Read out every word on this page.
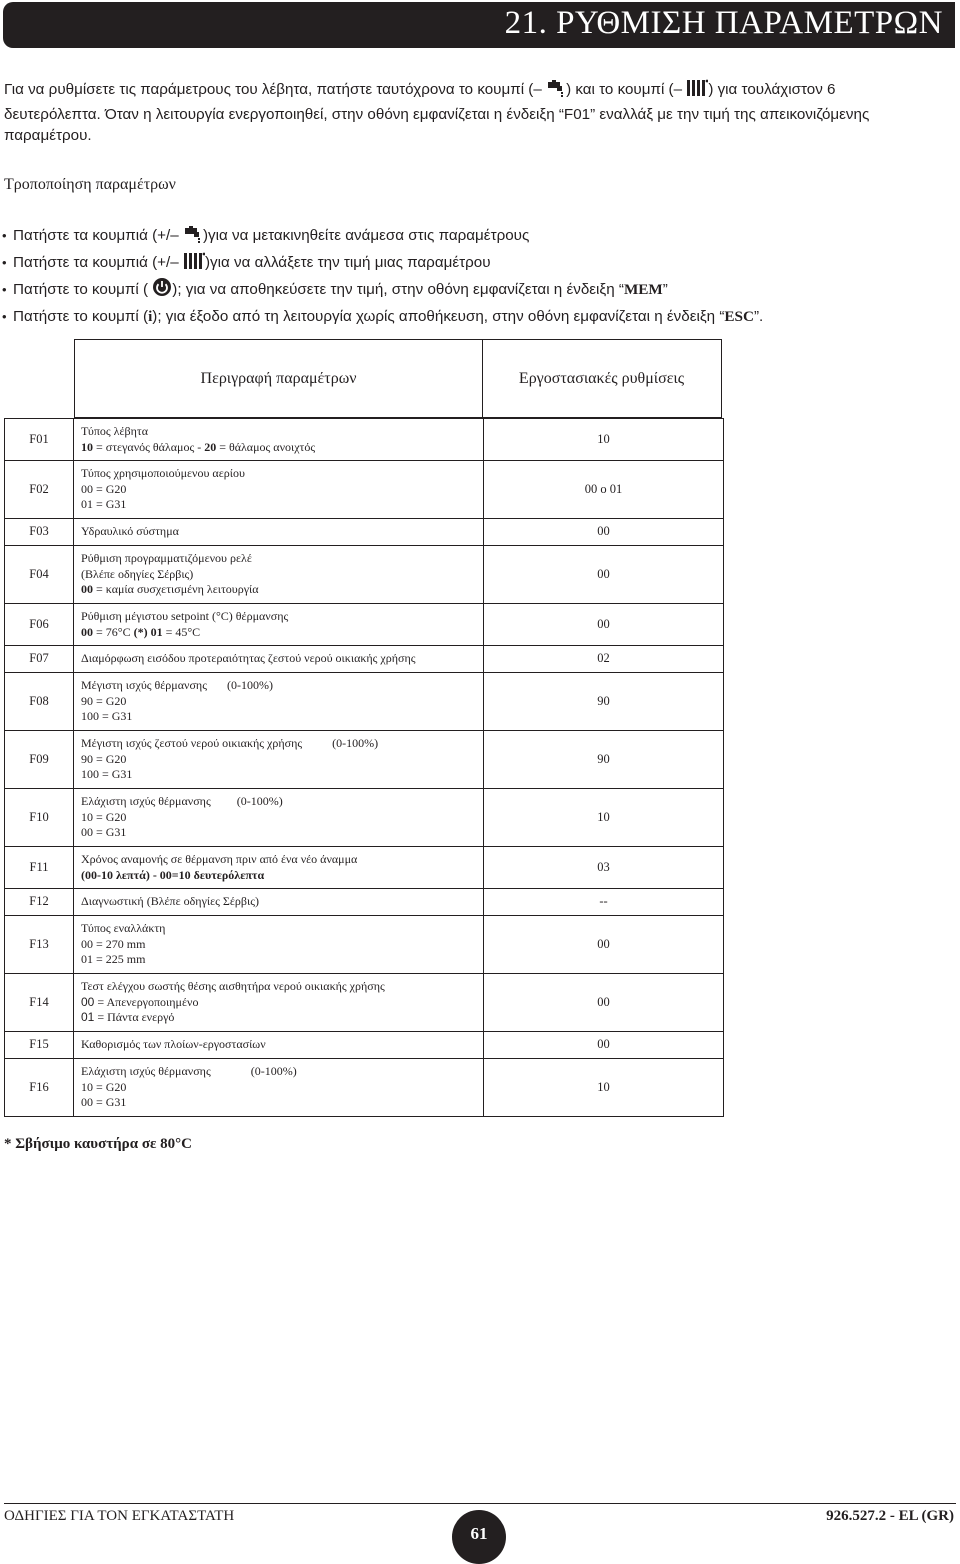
21. ΡΥΘΜΙΣΗ ΠΑΡΑΜΕΤΡΩΝ
Για να ρυθμίσετε τις παράμετρους του λέβητα, πατήστε ταυτόχρονα το κουμπί (– ) και το κουμπί (– ) για τουλάχιστον 6
δευτερόλεπτα. Όταν η λειτουργία ενεργοποιηθεί, στην οθόνη εμφανίζεται η ένδειξη “F01” εναλλάξ με την τιμή της απεικονιζόμενης
παραμέτρου.
Τροποποίηση παραμέτρων
• Πατήστε τα κουμπιά (+/– )για να μετακινηθείτε ανάμεσα στις παραμέτρους
• Πατήστε τα κουμπιά (+/– )για να αλλάξετε την τιμή μιας παραμέτρου
• Πατήστε το κουμπί ( ); για να αποθηκεύσετε την τιμή, στην οθόνη εμφανίζεται η ένδειξη “MEM”
• Πατήστε το κουμπί (i); για έξοδο από τη λειτουργία χωρίς αποθήκευση, στην οθόνη εμφανίζεται η ένδειξη “ESC”.
Περιγραφή παραμέτρων	Εργοστασιακές ρυθμίσεις
F01	Τύπος λέβητα
10 = στεγανός θάλαμος - 20 = θάλαμος ανοιχτός	10
F02	Τύπος χρησιμοποιούμενου αερίου
00 = G20
01 = G31	00 o 01
F03	Υδραυλικό σύστημα	00
F04	Ρύθμιση προγραμματιζόμενου ρελέ
(Βλέπε οδηγίες Σέρβις)
00 = καμία συσχετισμένη λειτουργία	00
F06	Ρύθμιση μέγιστου setpoint (°C) θέρμανσης
00 = 76°C (*) 01 = 45°C	00
F07	Διαμόρφωση εισόδου προτεραιότητας ζεστού νερού οικιακής χρήσης	02
F08	Μέγιστη ισχύς θέρμανσης (0-100%)
90 = G20
100 = G31	90
F09	Μέγιστη ισχύς ζεστού νερού οικιακής χρήσης (0-100%)
90 = G20
100 = G31	90
F10	Ελάχιστη ισχύς θέρμανσης (0-100%)
10 = G20
00 = G31	10
F11	Χρόνος αναμονής σε θέρμανση πριν από ένα νέο άναμμα
(00-10 λεπτά) - 00=10 δευτερόλεπτα	03
F12	Διαγνωστική (Βλέπε οδηγίες Σέρβις)	--
F13	Τύπος εναλλάκτη
00 = 270 mm
01 = 225 mm	00
F14	Τεστ ελέγχου σωστής θέσης αισθητήρα νερού οικιακής χρήσης
00 = Απενεργοποιημένο
01 = Πάντα ενεργό	00
F15	Καθορισμός των πλοίων-εργοστασίων	00
F16	Ελάχιστη ισχύς θέρμανσης (0-100%)
10 = G20
00 = G31	10
* Σβήσιμο καυστήρα σε 80°C
ΟΔΗΓΙΕΣ ΓΙΑ ΤΟΝ ΕΓΚΑΤΑΣΤΑΤΗ
61
926.527.2 - EL (GR)
